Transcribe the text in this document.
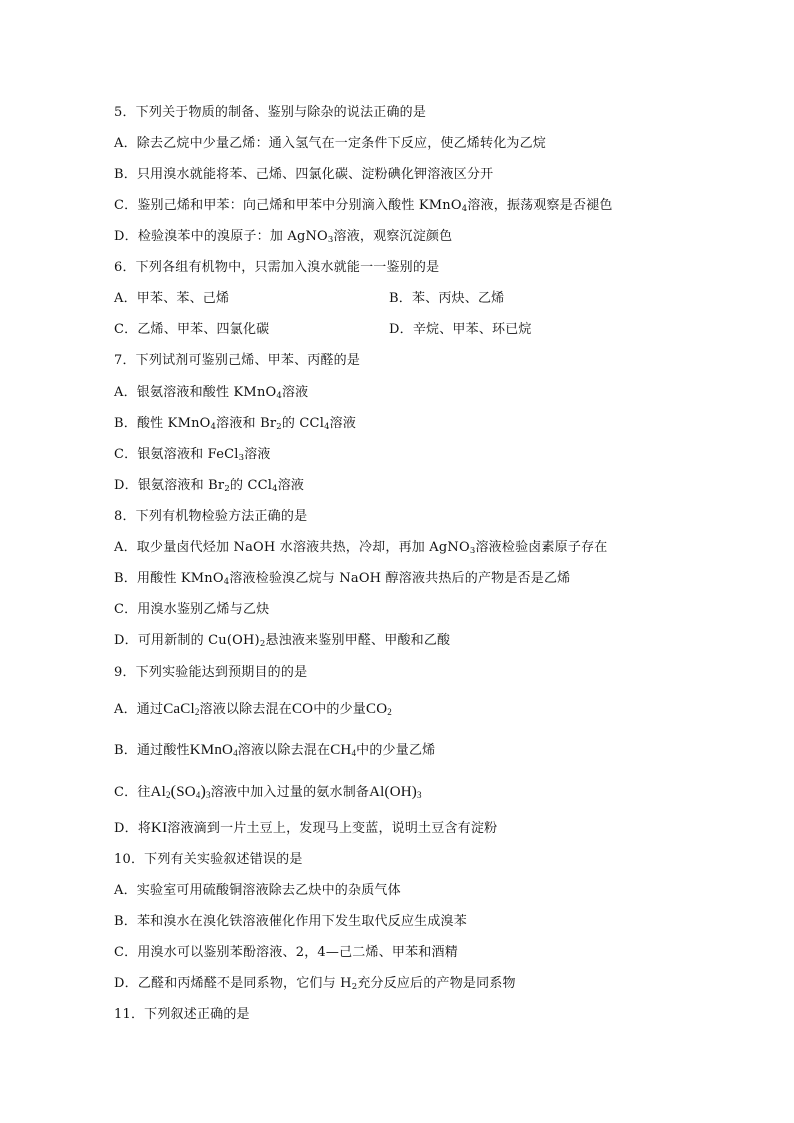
5．下列关于物质的制备、鉴别与除杂的说法正确的是
A．除去乙烷中少量乙烯：通入氢气在一定条件下反应，使乙烯转化为乙烷
B．只用溴水就能将苯、己烯、四氯化碳、淀粉碘化钾溶液区分开
C．鉴别己烯和甲苯：向己烯和甲苯中分别滴入酸性 KMnO$_4$溶液，振荡观察是否褪色
D．检验溴苯中的溴原子：加 AgNO$_3$溶液，观察沉淀颜色
6．下列各组有机物中，只需加入溴水就能一一鉴别的是
A．甲苯、苯、己烯	B．苯、丙炔、乙烯
C．乙烯、甲苯、四氯化碳	D．辛烷、甲苯、环已烷
7．下列试剂可鉴别己烯、甲苯、丙醛的是
A．银氨溶液和酸性 KMnO$_4$溶液
B．酸性 KMnO$_4$溶液和 $Br_2$的 CCl$_4$溶液
C．银氨溶液和 FeCl$_3$溶液
D．银氨溶液和 $Br_2$的 CCl$_4$溶液
8．下列有机物检验方法正确的是
A．取少量卤代烃加 NaOH 水溶液共热，冷却，再加 AgNO$_3$溶液检验卤素原子存在
B．用酸性 KMnO$_4$溶液检验溴乙烷与 NaOH 醇溶液共热后的产物是否是乙烯
C．用溴水鉴别乙烯与乙炔
D．可用新制的 $Cu(OH)_2$悬浊液来鉴别甲醛、甲酸和乙酸
9．下列实验能达到预期目的的是
A．通过CaCl$_2$溶液以除去混在CO中的少量$CO_2$
B．通过酸性KMnO$_4$溶液以除去混在$CH_4$中的少量乙烯
C．往$Al_2(SO_4)_3$溶液中加入过量的氨水制备$Al(OH)_3$
D．将KI溶液滴到一片土豆上，发现马上变蓝，说明土豆含有淀粉
10．下列有关实验叙述错误的是
A．实验室可用硫酸铜溶液除去乙炔中的杂质气体
B．苯和溴水在溴化铁溶液催化作用下发生取代反应生成溴苯
C．用溴水可以鉴别苯酚溶液、2，4—己二烯、甲苯和酒精
D．乙醛和丙烯醛不是同系物，它们与 $H_2$充分反应后的产物是同系物
11．下列叙述正确的是
